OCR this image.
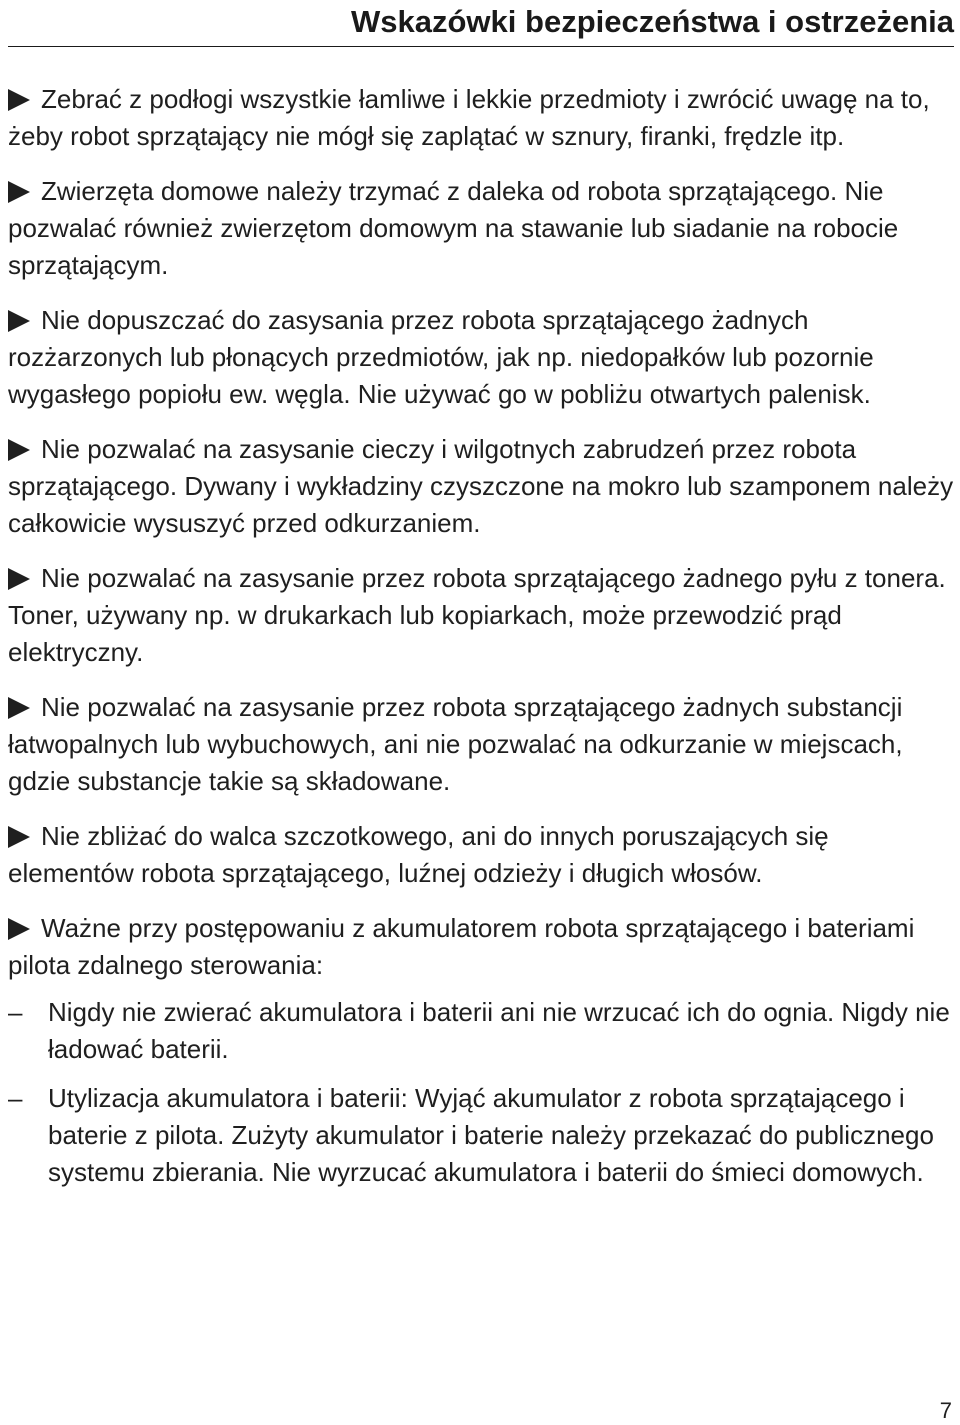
Wskazówki bezpieczeństwa i ostrzeżenia

Zebrać z podłogi wszystkie łamliwe i lekkie przedmioty i zwrócić uwagę na to, żeby robot sprzątający nie mógł się zaplątać w sznury, firanki, frędzle itp.

Zwierzęta domowe należy trzymać z daleka od robota sprzątającego. Nie pozwalać również zwierzętom domowym na stawanie lub siadanie na robocie sprzątającym.

Nie dopuszczać do zasysania przez robota sprzątającego żadnych rozżarzonych lub płonących przedmiotów, jak np. niedopałków lub pozornie wygasłego popiołu ew. węgla. Nie używać go w pobliżu otwartych palenisk.

Nie pozwalać na zasysanie cieczy i wilgotnych zabrudzeń przez robota sprzątającego. Dywany i wykładziny czyszczone na mokro lub szamponem należy całkowicie wysuszyć przed odkurzaniem.

Nie pozwalać na zasysanie przez robota sprzątającego żadnego pyłu z tonera. Toner, używany np. w drukarkach lub kopiarkach, może przewodzić prąd elektryczny.

Nie pozwalać na zasysanie przez robota sprzątającego żadnych substancji łatwopalnych lub wybuchowych, ani nie pozwalać na odkurzanie w miejscach, gdzie substancje takie są składowane.

Nie zbliżać do walca szczotkowego, ani do innych poruszających się elementów robota sprzątającego, luźnej odzieży i długich włosów.

Ważne przy postępowaniu z akumulatorem robota sprzątającego i bateriami pilota zdalnego sterowania:

– Nigdy nie zwierać akumulatora i baterii ani nie wrzucać ich do ognia. Nigdy nie ładować baterii.
– Utylizacja akumulatora i baterii: Wyjąć akumulator z robota sprzątającego i baterie z pilota. Zużyty akumulator i baterie należy przekazać do publicznego systemu zbierania. Nie wyrzucać akumulatora i baterii do śmieci domowych.
7
